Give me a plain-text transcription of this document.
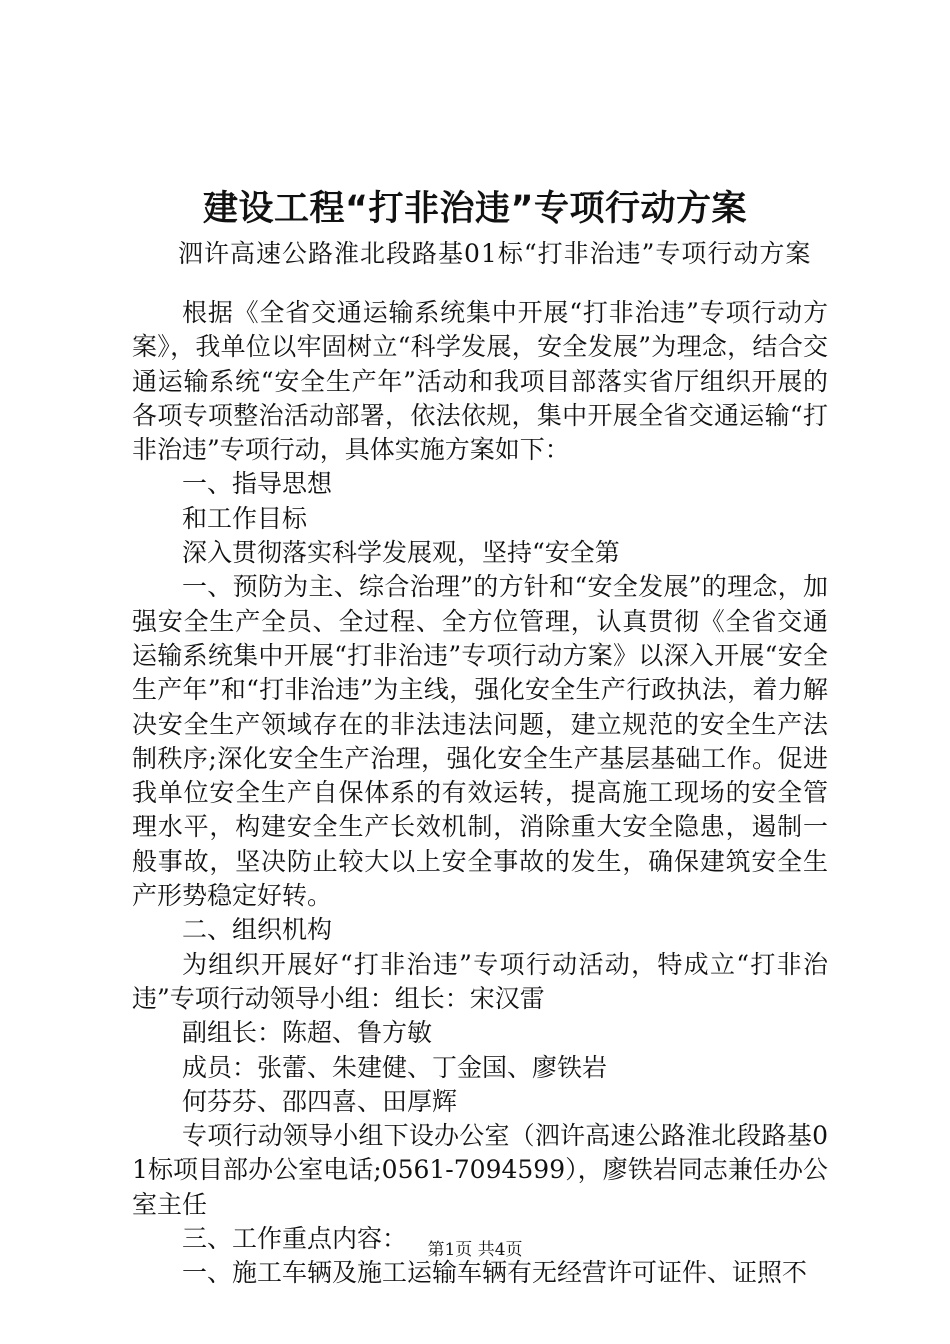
建设工程“打非治违”专项行动方案
泗许高速公路淮北段路基01标“打非治违”专项行动方案

根据《全省交通运输系统集中开展“打非治违”专项行动方案》，我单位以牢固树立“科学发展，安全发展”为理念，结合交通运输系统“安全生产年”活动和我项目部落实省厅组织开展的各项专项整治活动部署，依法依规，集中开展全省交通运输“打非治违”专项行动，具体实施方案如下：

一、指导思想

和工作目标

深入贯彻落实科学发展观，坚持“安全第

一、预防为主、综合治理”的方针和“安全发展”的理念，加强安全生产全员、全过程、全方位管理，认真贯彻《全省交通运输系统集中开展“打非治违”专项行动方案》以深入开展“安全生产年”和“打非治违”为主线，强化安全生产行政执法，着力解决安全生产领域存在的非法违法问题，建立规范的安全生产法制秩序;深化安全生产治理，强化安全生产基层基础工作。促进我单位安全生产自保体系的有效运转，提高施工现场的安全管理水平，构建安全生产长效机制，消除重大安全隐患，遏制一般事故，坚决防止较大以上安全事故的发生，确保建筑安全生产形势稳定好转。

二、组织机构

为组织开展好“打非治违”专项行动活动，特成立“打非治违”专项行动领导小组：组长：宋汉雷

副组长：陈超、鲁方敏

成员：张蕾、朱建健、丁金国、廖铁岩

何芬芬、邵四喜、田厚辉

专项行动领导小组下设办公室（泗许高速公路淮北段路基01标项目部办公室电话;0561-7094599），廖铁岩同志兼任办公室主任

三、工作重点内容：

一、施工车辆及施工运输车辆有无经营许可证件、证照不

第1页 共4页
